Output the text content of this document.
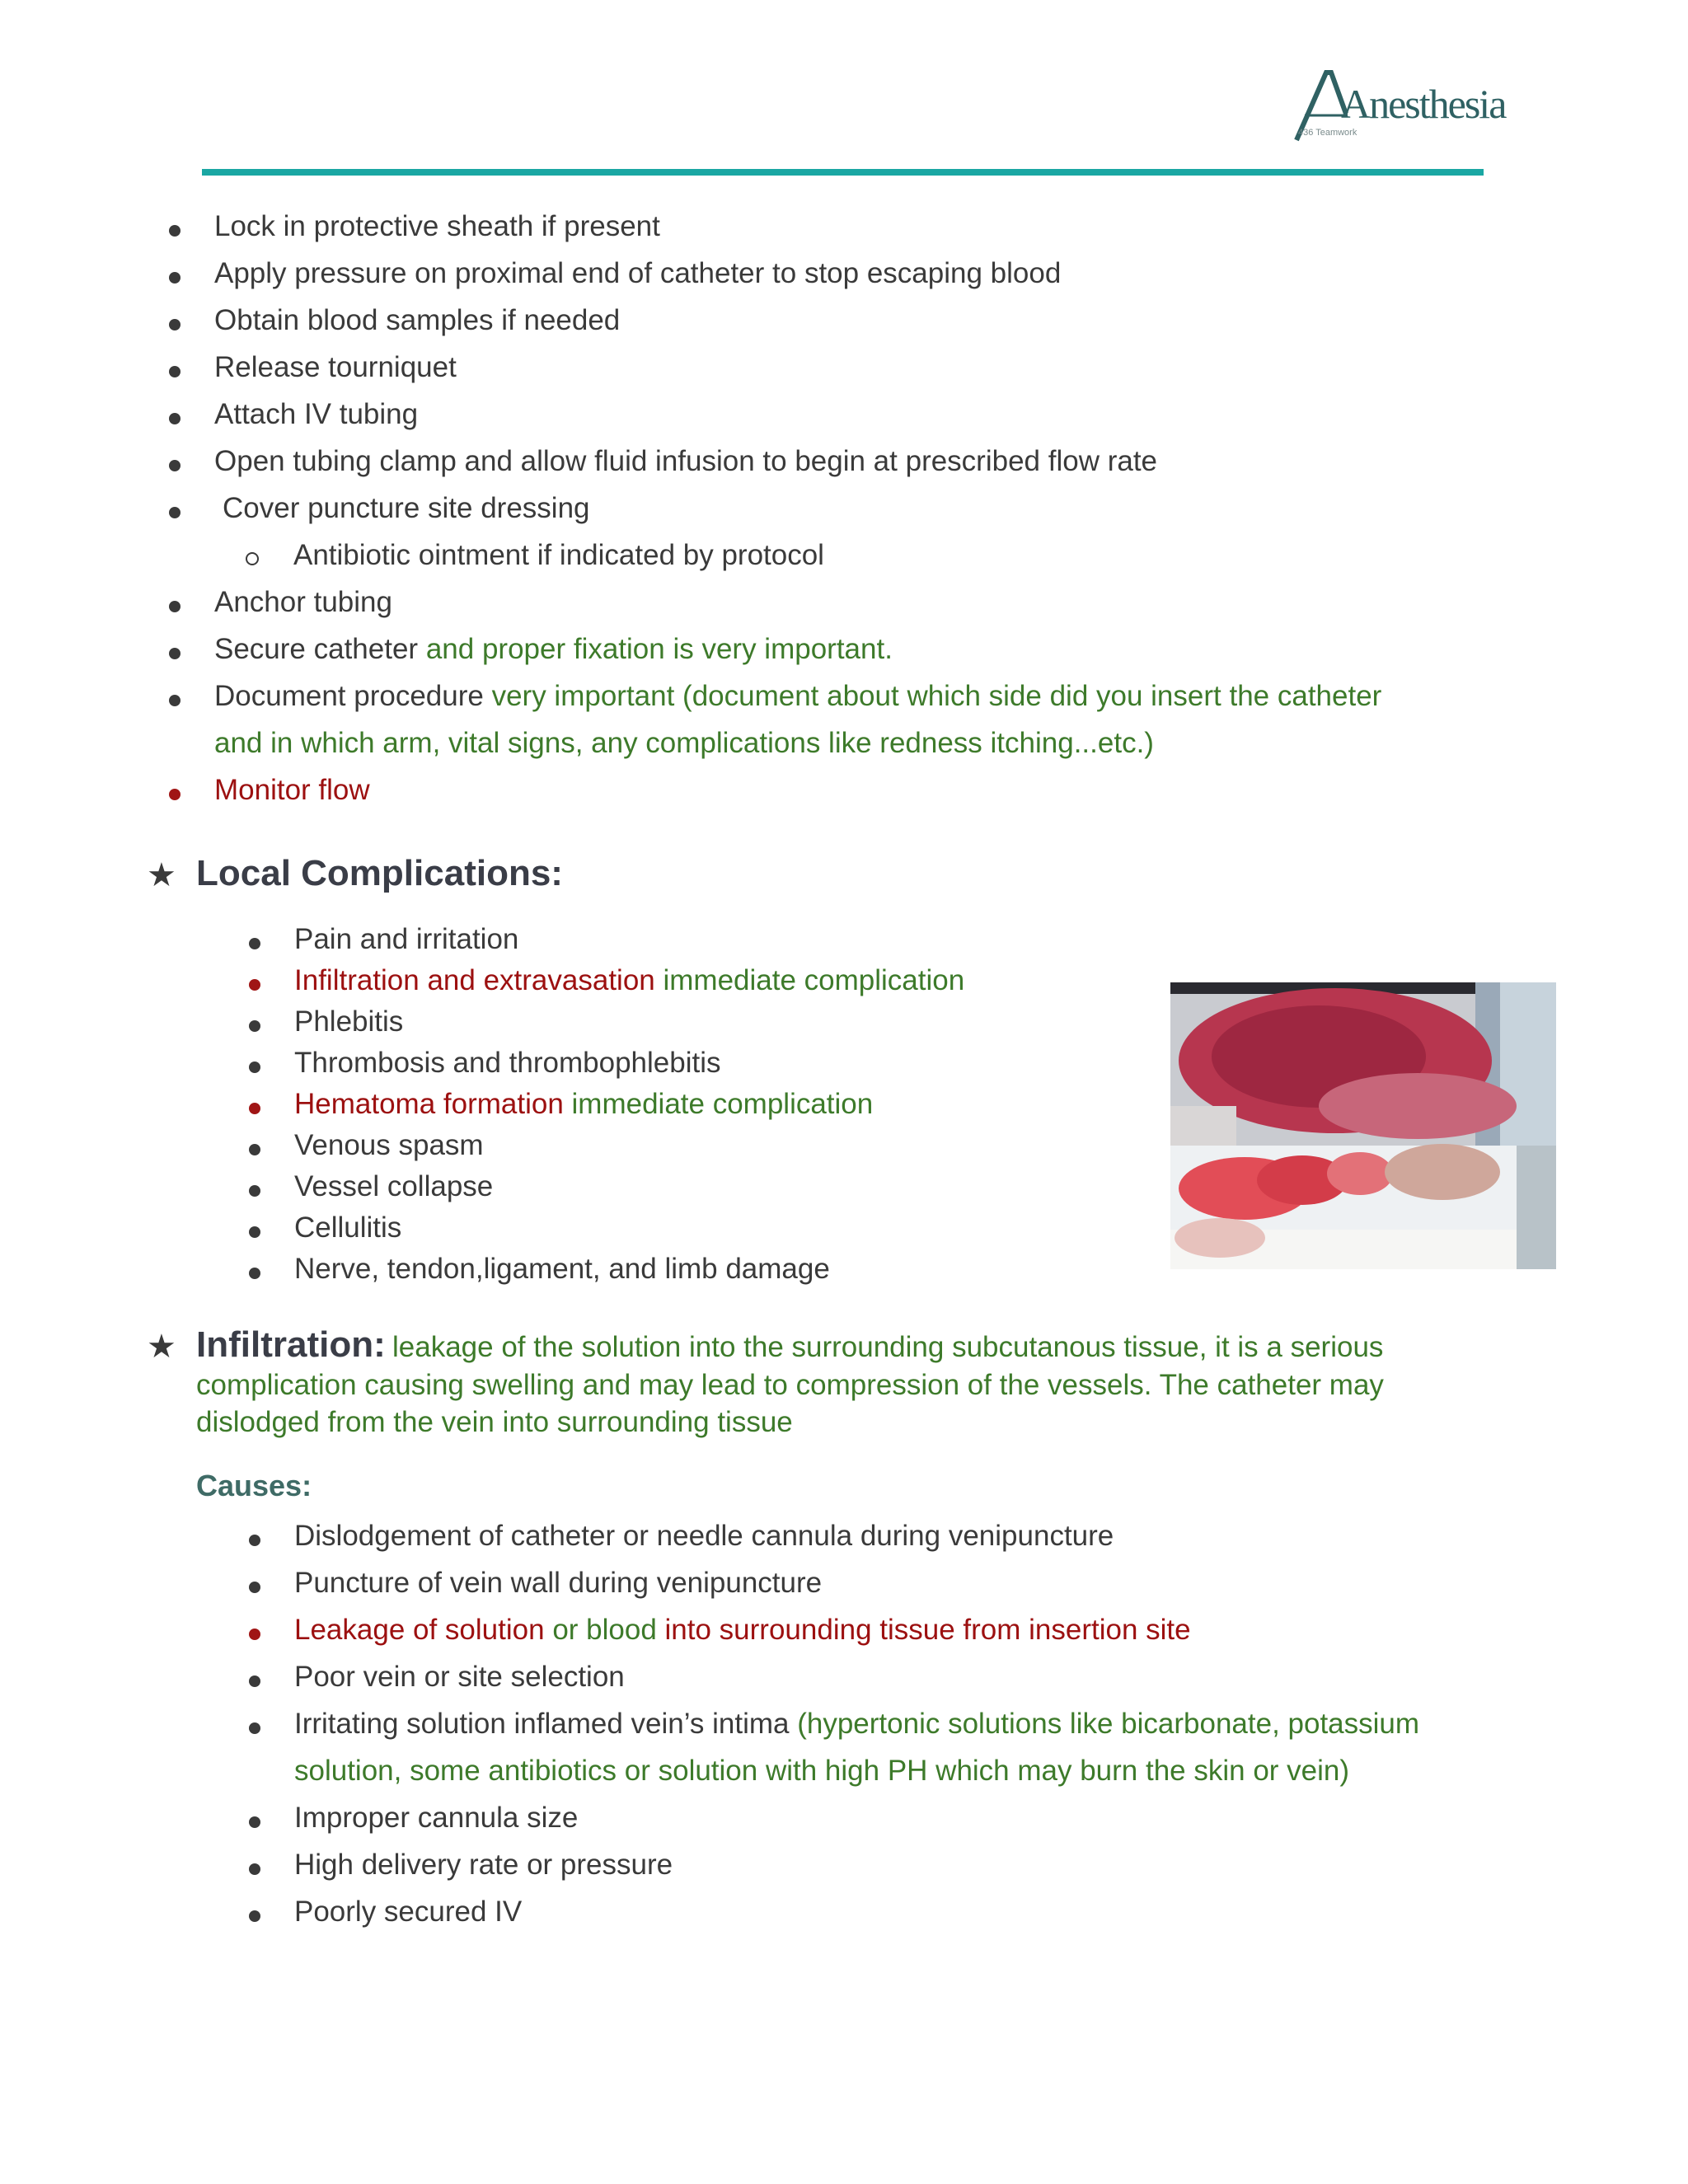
Anesthesia
436 Teamwork
Lock in protective sheath if present
Apply pressure on proximal end of catheter to stop escaping blood
Obtain blood samples if needed
Release tourniquet
Attach IV tubing
Open tubing clamp and allow fluid infusion to begin at prescribed flow rate
Cover puncture site dressing
Antibiotic ointment if indicated by protocol
Anchor tubing
Secure catheter and proper fixation is very important.
Document procedure very important (document about which side did you insert the catheter
and in which arm, vital signs, any complications like redness itching...etc.)
Monitor flow
★ Local Complications:
Pain and irritation
Infiltration and extravasation immediate complication
Phlebitis
Thrombosis and thrombophlebitis
Hematoma formation immediate complication
Venous spasm
Vessel collapse
Cellulitis
Nerve, tendon,ligament, and limb damage
★ Infiltration: leakage of the solution into the surrounding subcutanous tissue, it is a serious
complication causing swelling and may lead to compression of the vessels. The catheter may
dislodged from the vein into surrounding tissue
Causes:
Dislodgement of catheter or needle cannula during venipuncture
Puncture of vein wall during venipuncture
Leakage of solution or blood into surrounding tissue from insertion site
Poor vein or site selection
Irritating solution inflamed vein’s intima (hypertonic solutions like bicarbonate, potassium
solution, some antibiotics or solution with high PH which may burn the skin or vein)
Improper cannula size
High delivery rate or pressure
Poorly secured IV
